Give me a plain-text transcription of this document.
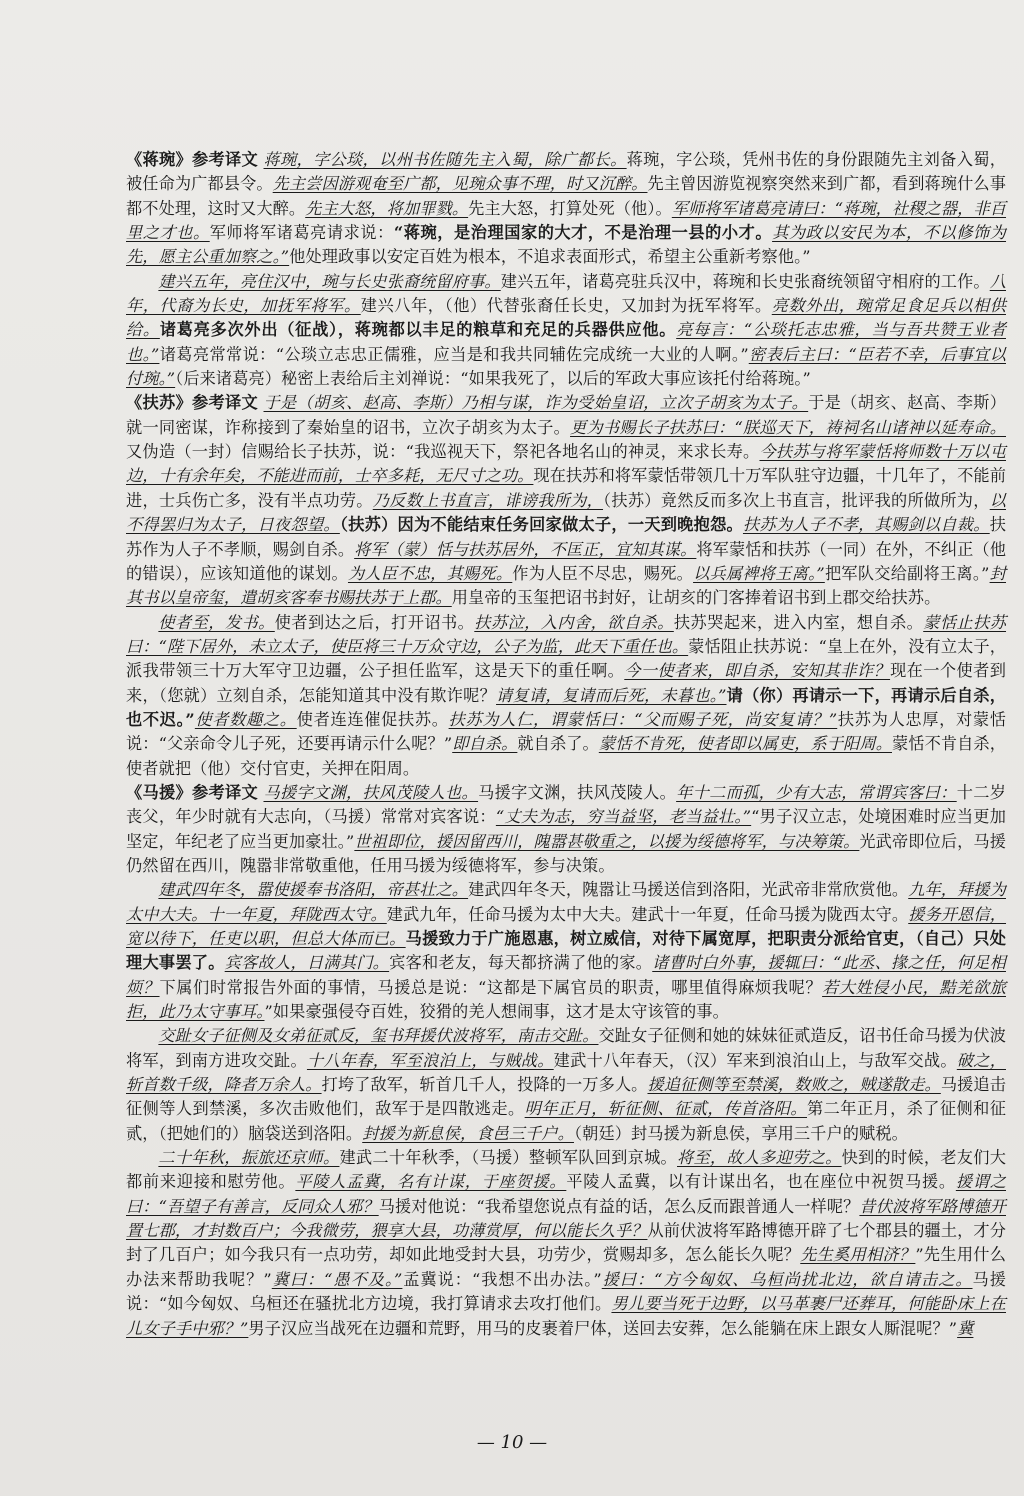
《蒋琬》参考译文 蒋琬，字公琰，以州书佐随先主入蜀，除广都长。蒋琬，字公琰，凭州书佐的身份跟随先主刘备入蜀，被任命为广都县令。先主尝因游观奄至广都，见琬众事不理，时又沉醉。先主曾因游览视察突然来到广都，看到蒋琬什么事都不处理，这时又大醉。先主大怒，将加罪戮。先主大怒，打算处死（他）。军师将军诸葛亮请曰：“蒋琬，社稷之器，非百里之才也。军师将军诸葛亮请求说：“蒋琬，是治理国家的大才，不是治理一县的小才。其为政以安民为本，不以修饰为先，愿主公重加察之。”他处理政事以安定百姓为根本，不追求表面形式，希望主公重新考察他。”

建兴五年，亮住汉中，琬与长史张裔统留府事。建兴五年，诸葛亮驻兵汉中，蒋琬和长史张裔统领留守相府的工作。八年，代裔为长史，加抚军将军。建兴八年，（他）代替张裔任长史，又加封为抚军将军。亮数外出，琬常足食足兵以相供给。诸葛亮多次外出（征战），蒋琬都以丰足的粮草和充足的兵器供应他。亮每言：“公琰托志忠雅，当与吾共赞王业者也。”诸葛亮常常说：“公琰立志忠正儒雅，应当是和我共同辅佐完成统一大业的人啊。”密表后主曰：“臣若不幸，后事宜以付琬。”（后来诸葛亮）秘密上表给后主刘禅说：“如果我死了，以后的军政大事应该托付给蒋琬。”

《扶苏》参考译文 于是（胡亥、赵高、李斯）乃相与谋，诈为受始皇诏，立次子胡亥为太子。于是（胡亥、赵高、李斯）就一同密谋，诈称接到了秦始皇的诏书，立次子胡亥为太子。更为书赐长子扶苏曰：“朕巡天下，祷祠名山诸神以延寿命。又伪造（一封）信赐给长子扶苏，说：“我巡视天下，祭祀各地名山的神灵，来求长寿。今扶苏与将军蒙恬将师数十万以屯边，十有余年矣，不能进而前，士卒多耗，无尺寸之功。现在扶苏和将军蒙恬带领几十万军队驻守边疆，十几年了，不能前进，士兵伤亡多，没有半点功劳。乃反数上书直言，诽谤我所为，（扶苏）竟然反而多次上书直言，批评我的所做所为，以不得罢归为太子，日夜怨望。（扶苏）因为不能结束任务回家做太子，一天到晚抱怨。扶苏为人子不孝，其赐剑以自裁。扶苏作为人子不孝顺，赐剑自杀。将军（蒙）恬与扶苏居外，不匡正，宜知其谋。将军蒙恬和扶苏（一同）在外，不纠正（他的错误），应该知道他的谋划。为人臣不忠，其赐死。作为人臣不尽忠，赐死。以兵属裨将王离。”把军队交给副将王离。”封其书以皇帝玺，遣胡亥客奉书赐扶苏于上郡。用皇帝的玉玺把诏书封好，让胡亥的门客捧着诏书到上郡交给扶苏。

使者至，发书。使者到达之后，打开诏书。扶苏泣，入内舍，欲自杀。扶苏哭起来，进入内室，想自杀。蒙恬止扶苏曰：“陛下居外，未立太子，使臣将三十万众守边，公子为监，此天下重任也。蒙恬阻止扶苏说：“皇上在外，没有立太子，派我带领三十万大军守卫边疆，公子担任监军，这是天下的重任啊。今一使者来，即自杀，安知其非诈？现在一个使者到来，（您就）立刻自杀，怎能知道其中没有欺诈呢？请复请，复请而后死，未暮也。”请（你）再请示一下，再请示后自杀，也不迟。”使者数趣之。使者连连催促扶苏。扶苏为人仁，谓蒙恬曰：“父而赐子死，尚安复请？”扶苏为人忠厚，对蒙恬说：“父亲命令儿子死，还要再请示什么呢？”即自杀。就自杀了。蒙恬不肯死，使者即以属吏，系于阳周。蒙恬不肯自杀，使者就把（他）交付官吏，关押在阳周。

《马援》参考译文 马援字文渊，扶风茂陵人也。马援字文渊，扶风茂陵人。年十二而孤，少有大志，常谓宾客曰：十二岁丧父，年少时就有大志向，（马援）常常对宾客说：“丈夫为志，穷当益坚，老当益壮。”“男子汉立志，处境困难时应当更加坚定，年纪老了应当更加豪壮。”世祖即位，援因留西川，隗嚣甚敬重之，以援为绥德将军，与决筹策。光武帝即位后，马援仍然留在西川，隗嚣非常敬重他，任用马援为绥德将军，参与决策。

建武四年冬，嚣使援奉书洛阳，帝甚壮之。建武四年冬天，隗嚣让马援送信到洛阳，光武帝非常欣赏他。九年，拜援为太中大夫。十一年夏，拜陇西太守。建武九年，任命马援为太中大夫。建武十一年夏，任命马援为陇西太守。援务开恩信，宽以待下，任吏以职，但总大体而已。马援致力于广施恩惠，树立威信，对待下属宽厚，把职责分派给官吏，（自己）只处理大事罢了。宾客故人，日满其门。宾客和老友，每天都挤满了他的家。诸曹时白外事，援辄曰：“此丞、掾之任，何足相烦？下属们时常报告外面的事情，马援总是说：“这都是下属官员的职责，哪里值得麻烦我呢？若大姓侵小民，黠羌欲旅拒，此乃太守事耳。”如果豪强侵夺百姓，狡猾的羌人想闹事，这才是太守该管的事。

交趾女子征侧及女弟征贰反，玺书拜援伏波将军，南击交趾。交趾女子征侧和她的妹妹征贰造反，诏书任命马援为伏波将军，到南方进攻交趾。十八年春，军至浪泊上，与贼战。建武十八年春天，（汉）军来到浪泊山上，与敌军交战。破之，斩首数千级，降者万余人。打垮了敌军，斩首几千人，投降的一万多人。援追征侧等至禁溪，数败之，贼遂散走。马援追击征侧等人到禁溪，多次击败他们，敌军于是四散逃走。明年正月，斩征侧、征贰，传首洛阳。第二年正月，杀了征侧和征贰，（把她们的）脑袋送到洛阳。封援为新息侯，食邑三千户。（朝廷）封马援为新息侯，享用三千户的赋税。

二十年秋，振旅还京师。建武二十年秋季，（马援）整顿军队回到京城。将至，故人多迎劳之。快到的时候，老友们大都前来迎接和慰劳他。平陵人孟冀，名有计谋，于座贺援。平陵人孟冀，以有计谋出名，也在座位中祝贺马援。援谓之曰：“吾望子有善言，反同众人邪？马援对他说：“我希望您说点有益的话，怎么反而跟普通人一样呢？昔伏波将军路博德开置七郡，才封数百户；今我微劳，猥享大县，功薄赏厚，何以能长久乎？从前伏波将军路博德开辟了七个郡县的疆土，才分封了几百户；如今我只有一点功劳，却如此地受封大县，功劳少，赏赐却多，怎么能长久呢？先生奚用相济？”先生用什么办法来帮助我呢？”冀曰：“愚不及。”孟冀说：“我想不出办法。”援曰：“方今匈奴、乌桓尚扰北边，欲自请击之。马援说：“如今匈奴、乌桓还在骚扰北方边境，我打算请求去攻打他们。男儿要当死于边野，以马革裹尸还葬耳，何能卧床上在儿女子手中邪？”男子汉应当战死在边疆和荒野，用马的皮裹着尸体，送回去安葬，怎么能躺在床上跟女人厮混呢？”冀

— 10 —
